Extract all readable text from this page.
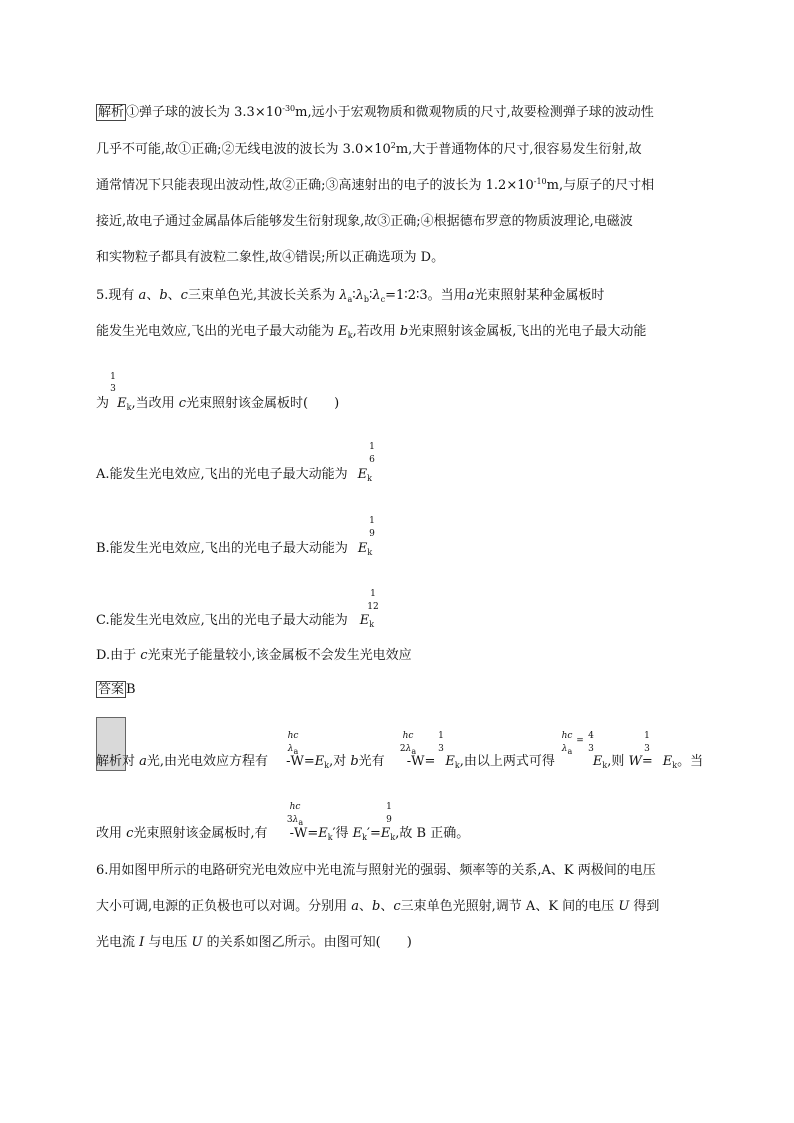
解析 ①弹子球的波长为 $3.3\times 10^{-30}m$,远小于宏观物质和微观物质的尺寸,故要检测弹子球的波动性
几乎不可能,故①正确;②无线电波的波长为 $3.0\times 10^2m$,大于普通物体的尺寸,很容易发生衍射,故
通常情况下只能表现出波动性,故②正确;③高速射出的电子的波长为 $1.2\times 10^{-10}m$,与原子的尺寸相
接近,故电子通过金属晶体后能够发生衍射现象,故③正确;④根据德布罗意的物质波理论,电磁波
和实物粒子都具有波粒二象性,故④错误;所以正确选项为 D。
5.现有 a、b、c三束单色光,其波长关系为 $\lambda_a∶\lambda_b∶\lambda_c=1∶2∶3$。当用a光束照射某种金属板时
能发生光电效应,飞出的光电子最大动能为 $E_k$,若改用 b光束照射该金属板,飞出的光电子最大动能
1
3
为 $E_k$,当改用 c光束照射该金属板时(　　)
1
6
A.能发生光电效应,飞出的光电子最大动能为 $E_k$
1
9
B.能发生光电效应,飞出的光电子最大动能为 $E_k$
1
12
C.能发生光电效应,飞出的光电子最大动能为 $E_k$
D.由于 c光束光子能量较小,该金属板不会发生光电效应
答案 B
hc
λa
hc
2λa
1
3
hc
λa
= 4
3
1
3
解析对 a光,由光电效应方程有 $-W=E_k$,对 b光有 $-W= E_k$,由以上两式可得	$E_k$,则 $W= E_k$。当
hc
3λa
1
9
改用 c光束照射该金属板时,有 $-W=E_k'$得 $E_k'=E_k$,故 B 正确。
6.用如图甲所示的电路研究光电效应中光电流与照射光的强弱、频率等的关系,A、K 两极间的电压
大小可调,电源的正负极也可以对调。分别用 a、b、c三束单色光照射,调节 A、K 间的电压 U 得到
光电流 I 与电压 U 的关系如图乙所示。由图可知(　　)
